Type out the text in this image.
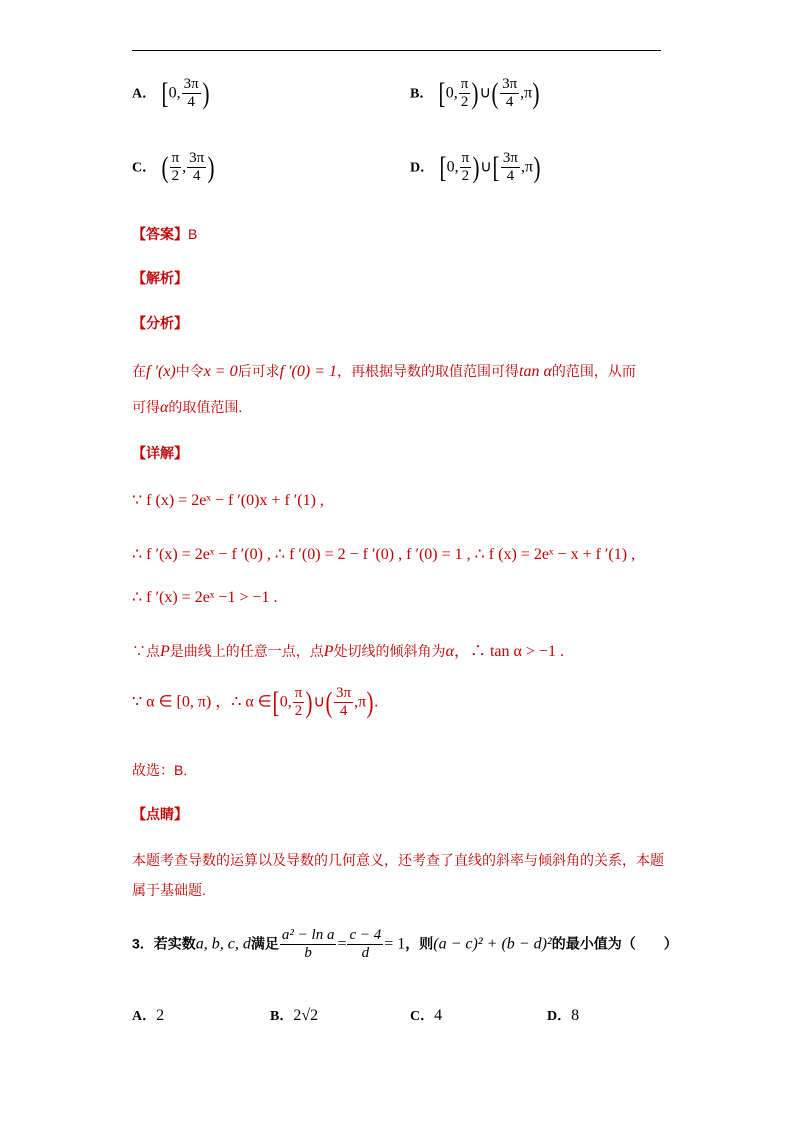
A． [0, $\frac{3\pi}{4}$ )	B． [0, $\frac{\pi}{2}$ )∪( $\frac{3\pi}{4} ,\pi$)
C． ( $\frac{\pi}{2}$ , $\frac{3\pi}{4}$ )	D． [0, $\frac{\pi}{2}$ )∪[ $\frac{3\pi}{4} ,\pi$)
【答案】B
【解析】
【分析】
在f ′(x)中令x = 0后可求f ′(0) = 1，再根据导数的取值范围可得tan α的范围，从而
可得α的取值范围.
【详解】
∵ f (x) = 2eˣ − f ′(0)x + f ′(1) ,
∴ f ′(x) = 2eˣ − f ′(0) , ∴ f ′(0) = 2 − f ′(0) , f ′(0) = 1 , ∴ f (x) = 2eˣ − x + f ′(1) ,
∴ f ′(x) = 2eˣ −1 > −1 .
∵点P是曲线上的任意一点，点P处切线的倾斜角为α，∴ tan α > −1 .
∵ α ∈ [0, π) ，∴ α ∈[0, $\frac{\pi}{2}$ )∪( $\frac{3\pi}{4} ,\pi$).
故选：B.
【点睛】
本题考查导数的运算以及导数的几何意义，还考查了直线的斜率与倾斜角的关系，本题
属于基础题.
3．若实数a, b, c, d满足 $\frac{\text{a² − ln a}}{b} = \frac{c - 4}{d} = 1$，则(a − c)² + (b − d)²的最小值为（　　）
A．2	B．2√2	C．4	D．8
